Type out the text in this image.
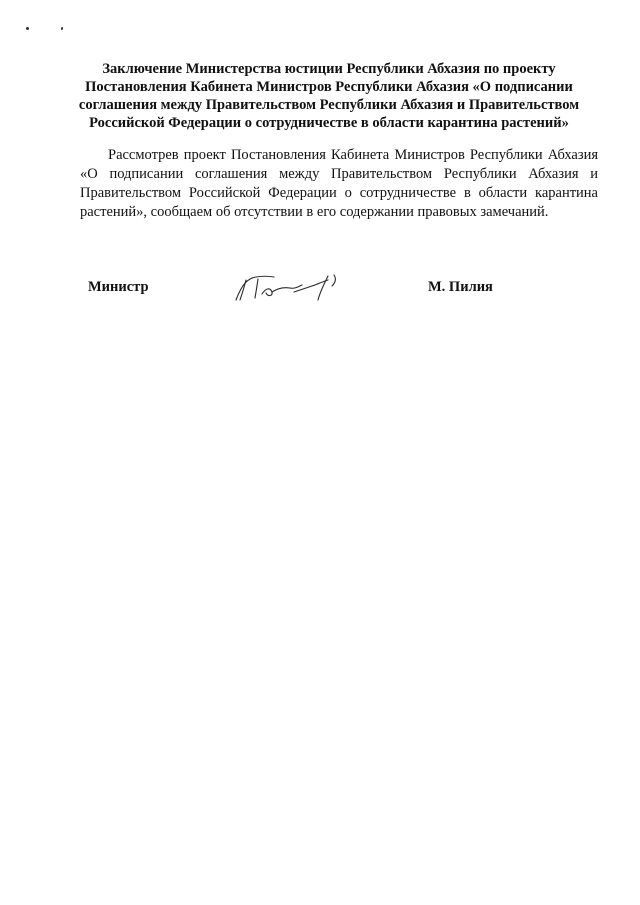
Заключение Министерства юстиции Республики Абхазия по проекту
Постановления Кабинета Министров Республики Абхазия «О подписании
соглашения между Правительством Республики Абхазия и Правительством
Российской Федерации о сотрудничестве в области карантина растений»

Рассмотрев проект Постановления Кабинета Министров Республики Абхазия
«О подписании соглашения между Правительством Республики Абхазия и
Правительством Российской Федерации о сотрудничестве в области карантина
растений», сообщаем об отсутствии в его содержании правовых замечаний.

Министр	М. Пилия
